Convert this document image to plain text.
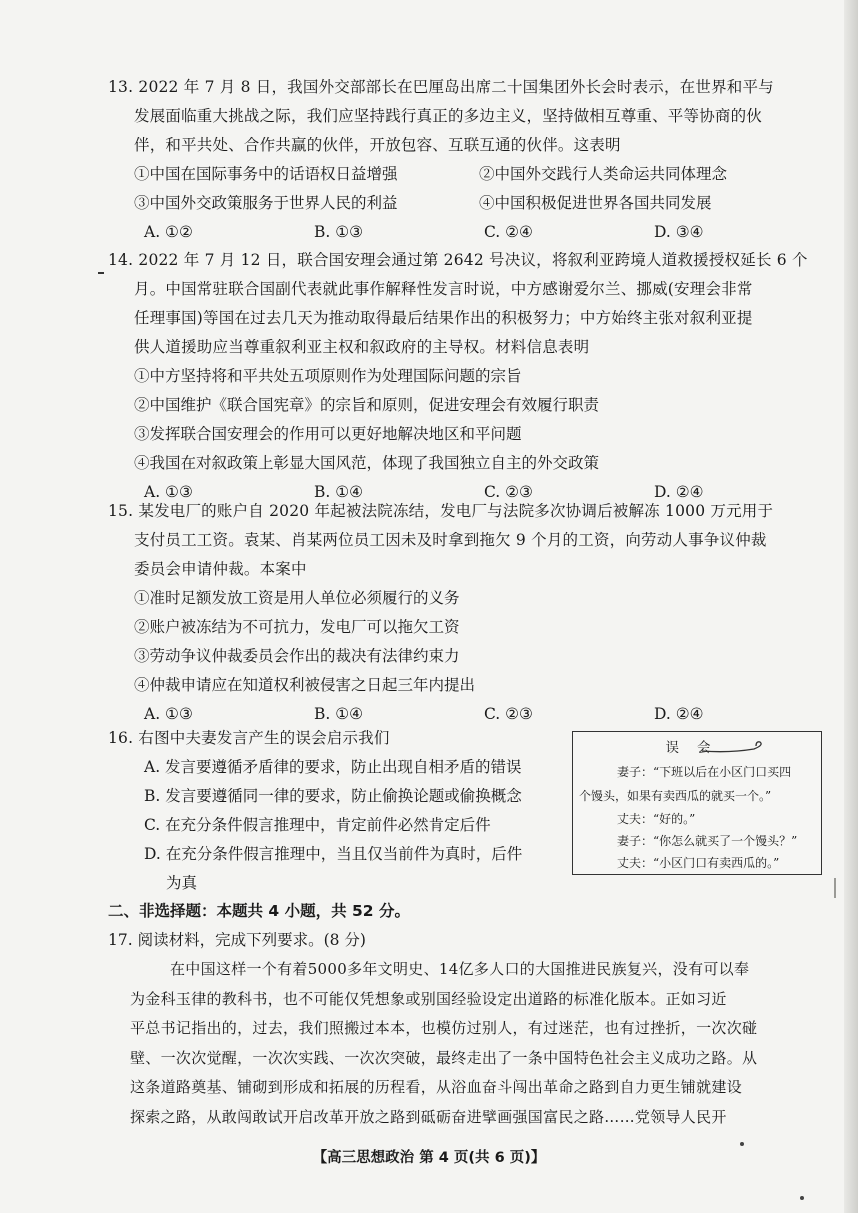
13. 2022 年 7 月 8 日，我国外交部部长在巴厘岛出席二十国集团外长会时表示，在世界和平与
发展面临重大挑战之际，我们应坚持践行真正的多边主义，坚持做相互尊重、平等协商的伙
伴，和平共处、合作共赢的伙伴，开放包容、互联互通的伙伴。这表明
①中国在国际事务中的话语权日益增强	②中国外交践行人类命运共同体理念
③中国外交政策服务于世界人民的利益	④中国积极促进世界各国共同发展
A. ①②	B. ①③	C. ②④	D. ③④
14. 2022 年 7 月 12 日，联合国安理会通过第 2642 号决议，将叙利亚跨境人道救援授权延长 6 个
月。中国常驻联合国副代表就此事作解释性发言时说，中方感谢爱尔兰、挪威(安理会非常
任理事国)等国在过去几天为推动取得最后结果作出的积极努力；中方始终主张对叙利亚提
供人道援助应当尊重叙利亚主权和叙政府的主导权。材料信息表明
①中方坚持将和平共处五项原则作为处理国际问题的宗旨
②中国维护《联合国宪章》的宗旨和原则，促进安理会有效履行职责
③发挥联合国安理会的作用可以更好地解决地区和平问题
④我国在对叙政策上彰显大国风范，体现了我国独立自主的外交政策
A. ①③	B. ①④	C. ②③	D. ②④
15. 某发电厂的账户自 2020 年起被法院冻结，发电厂与法院多次协调后被解冻 1000 万元用于
支付员工工资。袁某、肖某两位员工因未及时拿到拖欠 9 个月的工资，向劳动人事争议仲裁
委员会申请仲裁。本案中
①准时足额发放工资是用人单位必须履行的义务
②账户被冻结为不可抗力，发电厂可以拖欠工资
③劳动争议仲裁委员会作出的裁决有法律约束力
④仲裁申请应在知道权利被侵害之日起三年内提出
A. ①③	B. ①④	C. ②③	D. ②④
16. 右图中夫妻发言产生的误会启示我们
A. 发言要遵循矛盾律的要求，防止出现自相矛盾的错误
B. 发言要遵循同一律的要求，防止偷换论题或偷换概念
C. 在充分条件假言推理中，肯定前件必然肯定后件
D. 在充分条件假言推理中，当且仅当前件为真时，后件
为真
误会
妻子：“下班以后在小区门口买四
个馒头，如果有卖西瓜的就买一个。”
丈夫：“好的。”
妻子：“你怎么就买了一个馒头？”
丈夫：“小区门口有卖西瓜的。”
二、非选择题：本题共 4 小题，共 52 分。
17. 阅读材料，完成下列要求。(8 分)
在中国这样一个有着5000多年文明史、14亿多人口的大国推进民族复兴，没有可以奉
为金科玉律的教科书，也不可能仅凭想象或别国经验设定出道路的标准化版本。正如习近
平总书记指出的，过去，我们照搬过本本，也模仿过别人，有过迷茫，也有过挫折，一次次碰
壁、一次次觉醒，一次次实践、一次次突破，最终走出了一条中国特色社会主义成功之路。从
这条道路奠基、铺砌到形成和拓展的历程看，从浴血奋斗闯出革命之路到自力更生铺就建设
探索之路，从敢闯敢试开启改革开放之路到砥砺奋进擘画强国富民之路……党领导人民开
【高三思想政治 第 4 页(共 6 页)】
